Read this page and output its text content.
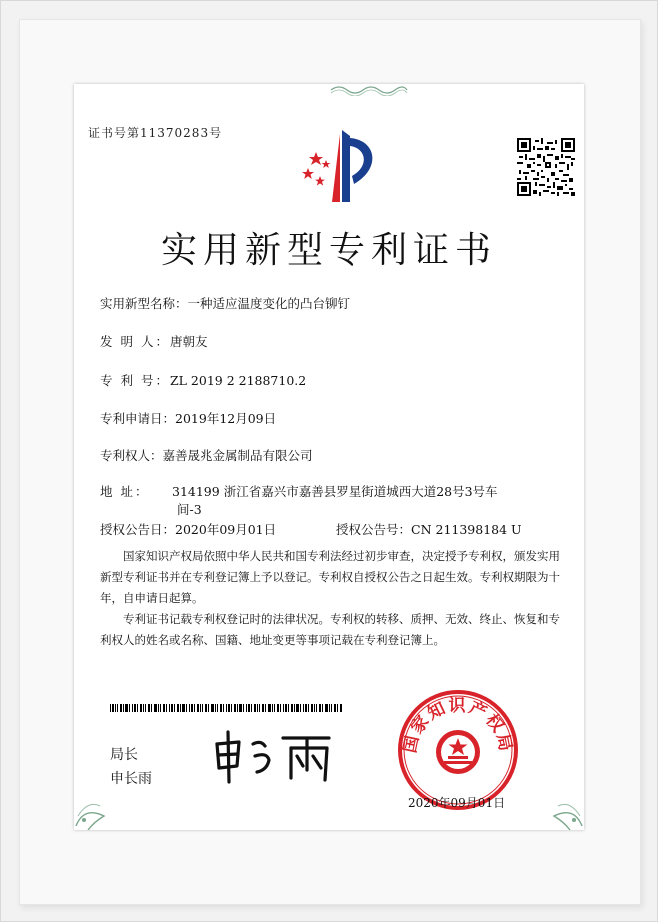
证书号第11370283号
实用新型专利证书
实用新型名称：一种适应温度变化的凸台铆钉
发 明 人：唐朝友
专 利 号：ZL 2019 2 2188710.2
专利申请日：2019年12月09日
专利权人：嘉善晟兆金属制品有限公司
地 址： 314199 浙江省嘉兴市嘉善县罗星街道城西大道28号3号车
间-3
授权公告日：2020年09月01日	授权公告号：CN 211398184 U

国家知识产权局依照中华人民共和国专利法经过初步审查，决定授予专利权，颁发实用新型专利证书并在专利登记簿上予以登记。专利权自授权公告之日起生效。专利权期限为十年，自申请日起算。

专利证书记载专利权登记时的法律状况。专利权的转移、质押、无效、终止、恢复和专利权人的姓名或名称、国籍、地址变更等事项记载在专利登记簿上。

局长
申长雨
国家知识产权局
2020年09月01日
